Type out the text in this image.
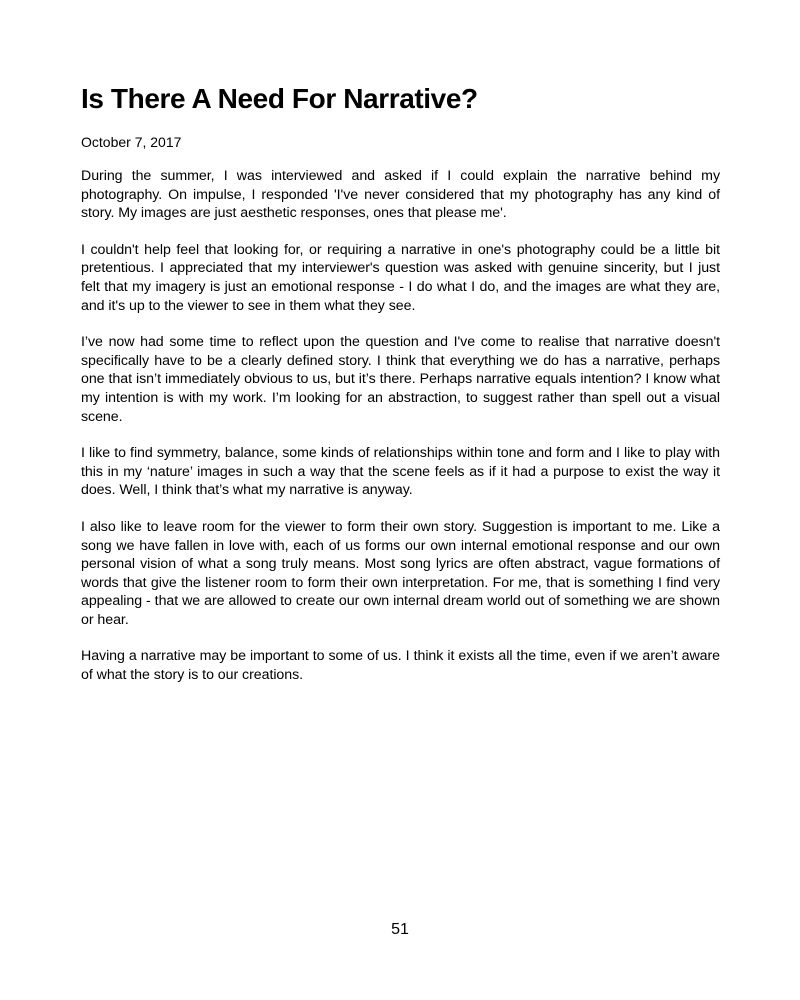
Is There A Need For Narrative?

October 7, 2017

During the summer, I was interviewed and asked if I could explain the narrative behind my photography. On impulse, I responded 'I've never considered that my photography has any kind of story. My images are just aesthetic responses, ones that please me'.

I couldn't help feel that looking for, or requiring a narrative in one's photography could be a little bit pretentious. I appreciated that my interviewer's question was asked with genuine sincerity, but I just felt that my imagery is just an emotional response - I do what I do, and the images are what they are, and it's up to the viewer to see in them what they see.

I’ve now had some time to reflect upon the question and I've come to realise that narrative doesn't specifically have to be a clearly defined story. I think that everything we do has a narrative, perhaps one that isn’t immediately obvious to us, but it’s there. Perhaps narrative equals intention? I know what my intention is with my work. I’m looking for an abstraction, to suggest rather than spell out a visual scene.

I like to find symmetry, balance, some kinds of relationships within tone and form and I like to play with this in my ‘nature’ images in such a way that the scene feels as if it had a purpose to exist the way it does. Well, I think that’s what my narrative is anyway.

I also like to leave room for the viewer to form their own story. Suggestion is important to me. Like a song we have fallen in love with, each of us forms our own internal emotional response and our own personal vision of what a song truly means. Most song lyrics are often abstract, vague formations of words that give the listener room to form their own interpretation. For me, that is something I find very appealing - that we are allowed to create our own internal dream world out of something we are shown or hear.

Having a narrative may be important to some of us. I think it exists all the time, even if we aren’t aware of what the story is to our creations.

51
